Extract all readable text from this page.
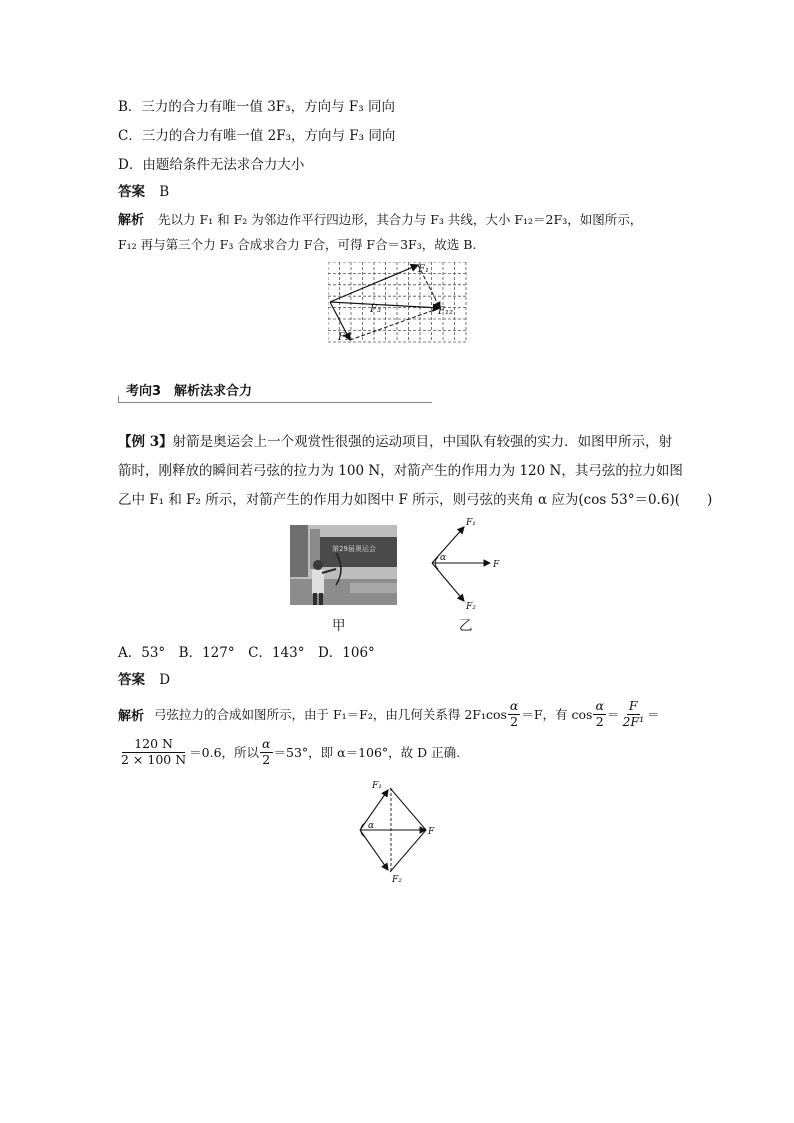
B．三力的合力有唯一值 3F₃，方向与 F₃ 同向
C．三力的合力有唯一值 2F₃，方向与 F₃ 同向
D．由题给条件无法求合力大小
答案 B
解析 先以力 F₁ 和 F₂ 为邻边作平行四边形，其合力与 F₃ 共线，大小 F₁₂＝2F₃，如图所示，
F₁₂ 再与第三个力 F₃ 合成求合力 F合，可得 F合＝3F₃，故选 B.
F₁
F₂
F₃	F₁₂
考向3　解析法求合力
【例 3】射箭是奥运会上一个观赏性很强的运动项目，中国队有较强的实力．如图甲所示，射
箭时，刚释放的瞬间若弓弦的拉力为 100 N，对箭产生的作用力为 120 N，其弓弦的拉力如图
乙中 F₁ 和 F₂ 所示，对箭产生的作用力如图中 F 所示，则弓弦的夹角 α 应为(cos 53°＝0.6)(　　)
第29届奥运会
甲
F₁
F
F₂
α
乙
A．53°　B．127°　C．143°　D．106°
答案 D
解析 弓弦拉力的合成如图所示，由于 F₁＝F₂，由几何关系得 $2F_1\cos \frac{\alpha}{2} =F$，有 $\cos \frac{\alpha}{2} = \frac{F}{\text{2F¹}}$ ＝
$\frac{120 N}{2 \times 100 N} =0.6$，所以 $\frac{\alpha}{2} =53^\circ$，即 α＝106°，故 D 正确.
F₁
F
F₂
α
